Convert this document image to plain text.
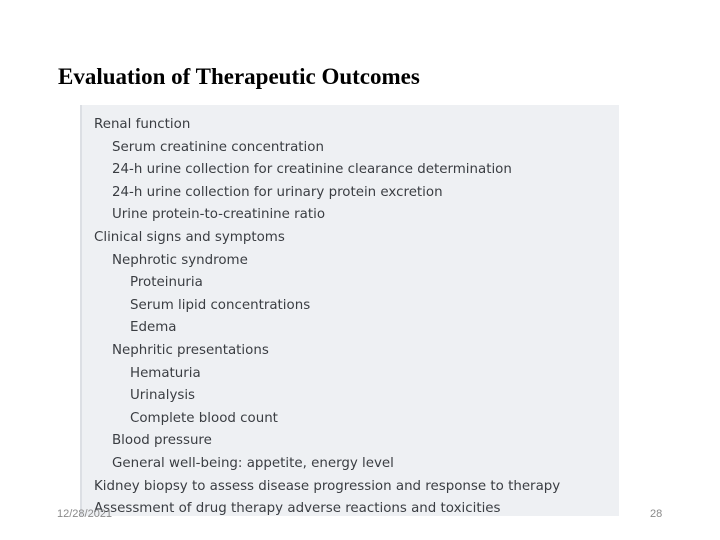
Evaluation of Therapeutic Outcomes
Renal function
Serum creatinine concentration
24-h urine collection for creatinine clearance determination
24-h urine collection for urinary protein excretion
Urine protein-to-creatinine ratio
Clinical signs and symptoms
Nephrotic syndrome
Proteinuria
Serum lipid concentrations
Edema
Nephritic presentations
Hematuria
Urinalysis
Complete blood count
Blood pressure
General well-being: appetite, energy level
Kidney biopsy to assess disease progression and response to therapy
Assessment of drug therapy adverse reactions and toxicities
12/28/2021	28
